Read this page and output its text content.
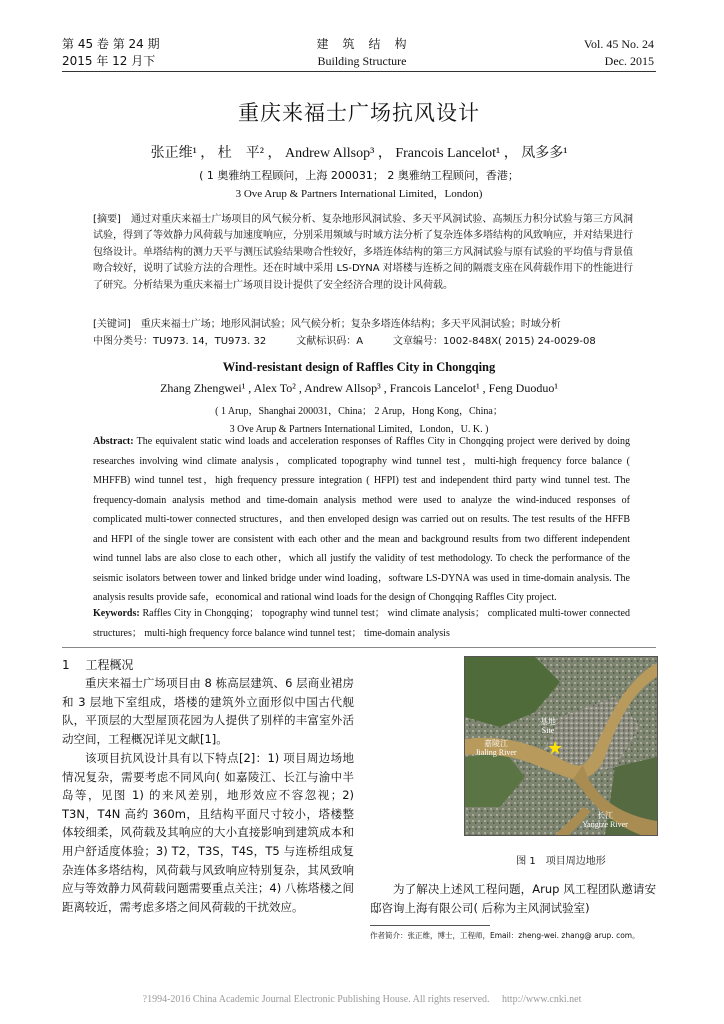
第 45 卷 第 24 期
2015 年 12 月下
建　筑　结　构
Building Structure
Vol. 45 No. 24
Dec. 2015
重庆来福士广场抗风设计
张正维¹ ， 杜　平² ， Andrew Allsop³ ， Francois Lancelot¹ ， 凤多多¹
( 1 奥雅纳工程顾问，上海 200031； 2 奥雅纳工程顾问，香港；
3 Ove Arup & Partners International Limited，London)
[摘要]　通过对重庆来福士广场项目的风气候分析、复杂地形风洞试验、多天平风洞试验、高频压力积分试验与第三方风洞试验，得到了等效静力风荷载与加速度响应，分别采用频域与时域方法分析了复杂连体多塔结构的风致响应，并对结果进行包络设计。单塔结构的测力天平与测压试验结果吻合性较好，多塔连体结构的第三方风洞试验与原有试验的平均值与背景值吻合较好，说明了试验方法的合理性。还在时域中采用 LS-DYNA 对塔楼与连桥之间的隔震支座在风荷载作用下的性能进行了研究。分析结果为重庆来福士广场项目设计提供了安全经济合理的设计风荷载。
[关键词]　重庆来福士广场；地形风洞试验；风气候分析；复杂多塔连体结构；多天平风洞试验；时域分析
中图分类号：TU973. 14，TU973. 32　　　文献标识码：A　　　文章编号：1002-848X( 2015) 24-0029-08
Wind-resistant design of Raffles City in Chongqing
Zhang Zhengwei¹ , Alex To² , Andrew Allsop³ , Francois Lancelot¹ , Feng Duoduo¹
( 1 Arup，Shanghai 200031，China； 2 Arup，Hong Kong，China；
3 Ove Arup & Partners International Limited，London，U. K. )
Abstract: The equivalent static wind loads and acceleration responses of Raffles City in Chongqing project were derived by doing researches involving wind climate analysis，complicated topography wind tunnel test，multi-high frequency force balance ( MHFFB) wind tunnel test，high frequency pressure integration ( HFPI) test and independent third party wind tunnel test. The frequency-domain analysis method and time-domain analysis method were used to analyze the wind-induced responses of complicated multi-tower connected structures，and then enveloped design was carried out on results. The test results of the HFFB and HFPI of the single tower are consistent with each other and the mean and background results from two different independent wind tunnel labs are also close to each other，which all justify the validity of test methodology. To check the performance of the seismic isolators between tower and linked bridge under wind loading，software LS-DYNA was used in time-domain analysis. The analysis results provide safe，economical and rational wind loads for the design of Chongqing Raffles City project.
Keywords: Raffles City in Chongqing； topography wind tunnel test； wind climate analysis； complicated multi-tower connected structures； multi-high frequency force balance wind tunnel test； time-domain analysis
1 工程概况
重庆来福士广场项目由 8 栋高层建筑、6 层商业裙房和 3 层地下室组成，塔楼的建筑外立面形似中国古代舰队，平顶层的大型屋顶花园为人提供了别样的丰富室外活动空间，工程概况详见文献[1]。
该项目抗风设计具有以下特点[2]：1) 项目周边场地情况复杂，需要考虑不同风向( 如嘉陵江、长江与渝中半岛等，见图 1) 的来风差别，地形效应不容忽视；2) T3N，T4N 高约 360m，且结构平面尺寸较小，塔楼整体较细柔，风荷载及其响应的大小直接影响到建筑成本和用户舒适度体验；3) T2，T3S，T4S，T5 与连桥组成复杂连体多塔结构，风荷载与风致响应特别复杂，其风致响应与等效静力风荷载问题需要重点关注；4) 八栋塔楼之间距离较近，需考虑多塔之间风荷载的干扰效应。
基地
Site
★
嘉陵江
Jialing River
长江
Yangtze River
图 1　项目周边地形
为了解决上述风工程问题，Arup 风工程团队邀请安邸咨询上海有限公司( 后称为主风洞试验室)
作者简介：张正维，博士，工程师，Email：zheng-wei. zhang@ arup. com。
?1994-2016 China Academic Journal Electronic Publishing House. All rights reserved.　 http://www.cnki.net
